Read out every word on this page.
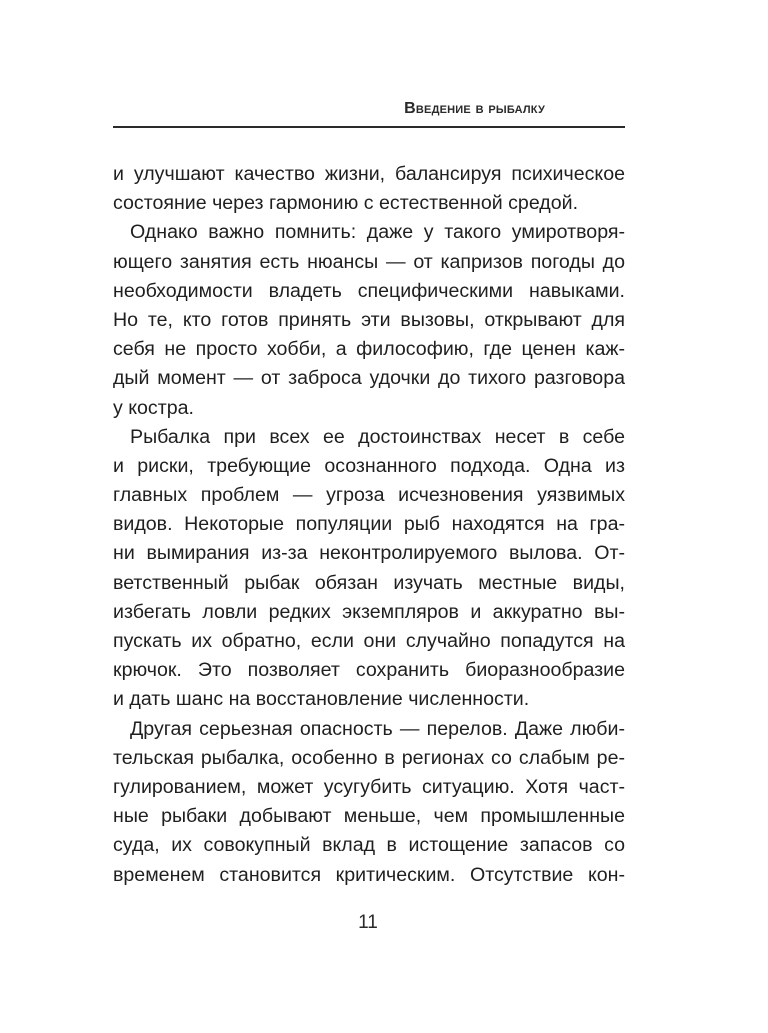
Введение в рыбалку
и улучшают качество жизни, балансируя психическое
состояние через гармонию с естественной средой.
Однако важно помнить: даже у такого умиротворя-
ющего занятия есть нюансы — от капризов погоды до
необходимости владеть специфическими навыками.
Но те, кто готов принять эти вызовы, открывают для
себя не просто хобби, а философию, где ценен каж-
дый момент — от заброса удочки до тихого разговора
у костра.
Рыбалка при всех ее достоинствах несет в себе
и риски, требующие осознанного подхода. Одна из
главных проблем — угроза исчезновения уязвимых
видов. Некоторые популяции рыб находятся на гра-
ни вымирания из-за неконтролируемого вылова. От-
ветственный рыбак обязан изучать местные виды,
избегать ловли редких экземпляров и аккуратно вы-
пускать их обратно, если они случайно попадутся на
крючок. Это позволяет сохранить биоразнообразие
и дать шанс на восстановление численности.
Другая серьезная опасность — перелов. Даже люби-
тельская рыбалка, особенно в регионах со слабым ре-
гулированием, может усугубить ситуацию. Хотя част-
ные рыбаки добывают меньше, чем промышленные
суда, их совокупный вклад в истощение запасов со
временем становится критическим. Отсутствие кон-
11
